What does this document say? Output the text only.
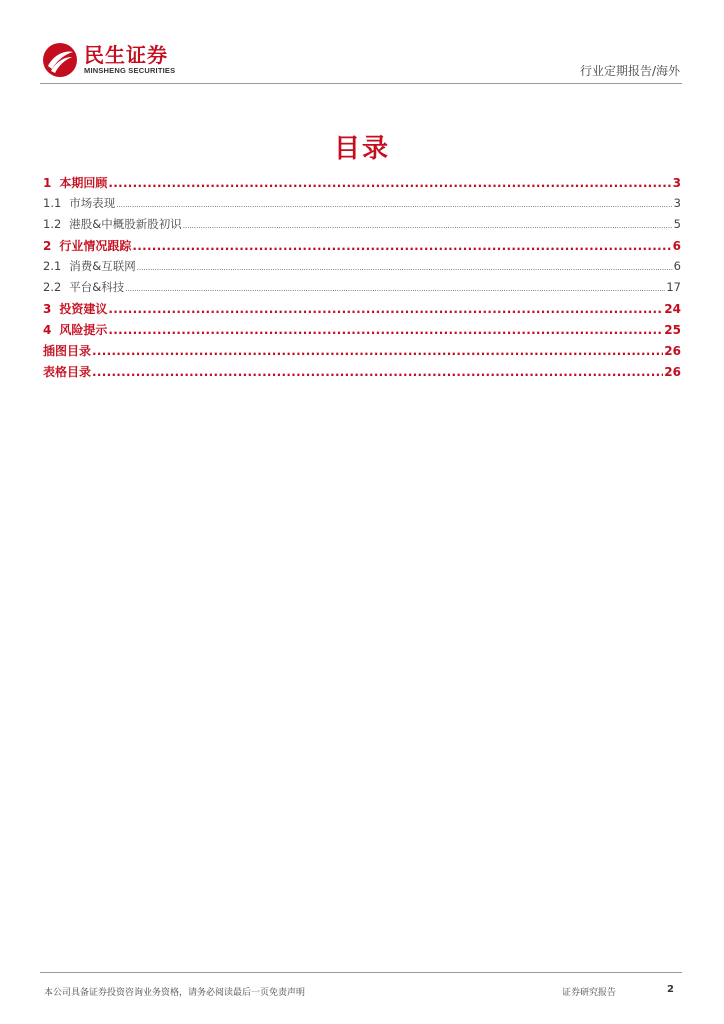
民生证券
MINSHENG SECURITIES	行业定期报告/海外
目录
1 本期回顾 .....	3
1.1 市场表现 .....	3
1.2 港股&中概股新股初识 .....	5
2 行业情况跟踪 .....	6
2.1 消费&互联网 .....	6
2.2 平台&科技 .....	17
3 投资建议 .....	24
4 风险提示 .....	25
插图目录 .....	26
表格目录 .....	26
本公司具备证券投资咨询业务资格，请务必阅读最后一页免责声明	证券研究报告	2
